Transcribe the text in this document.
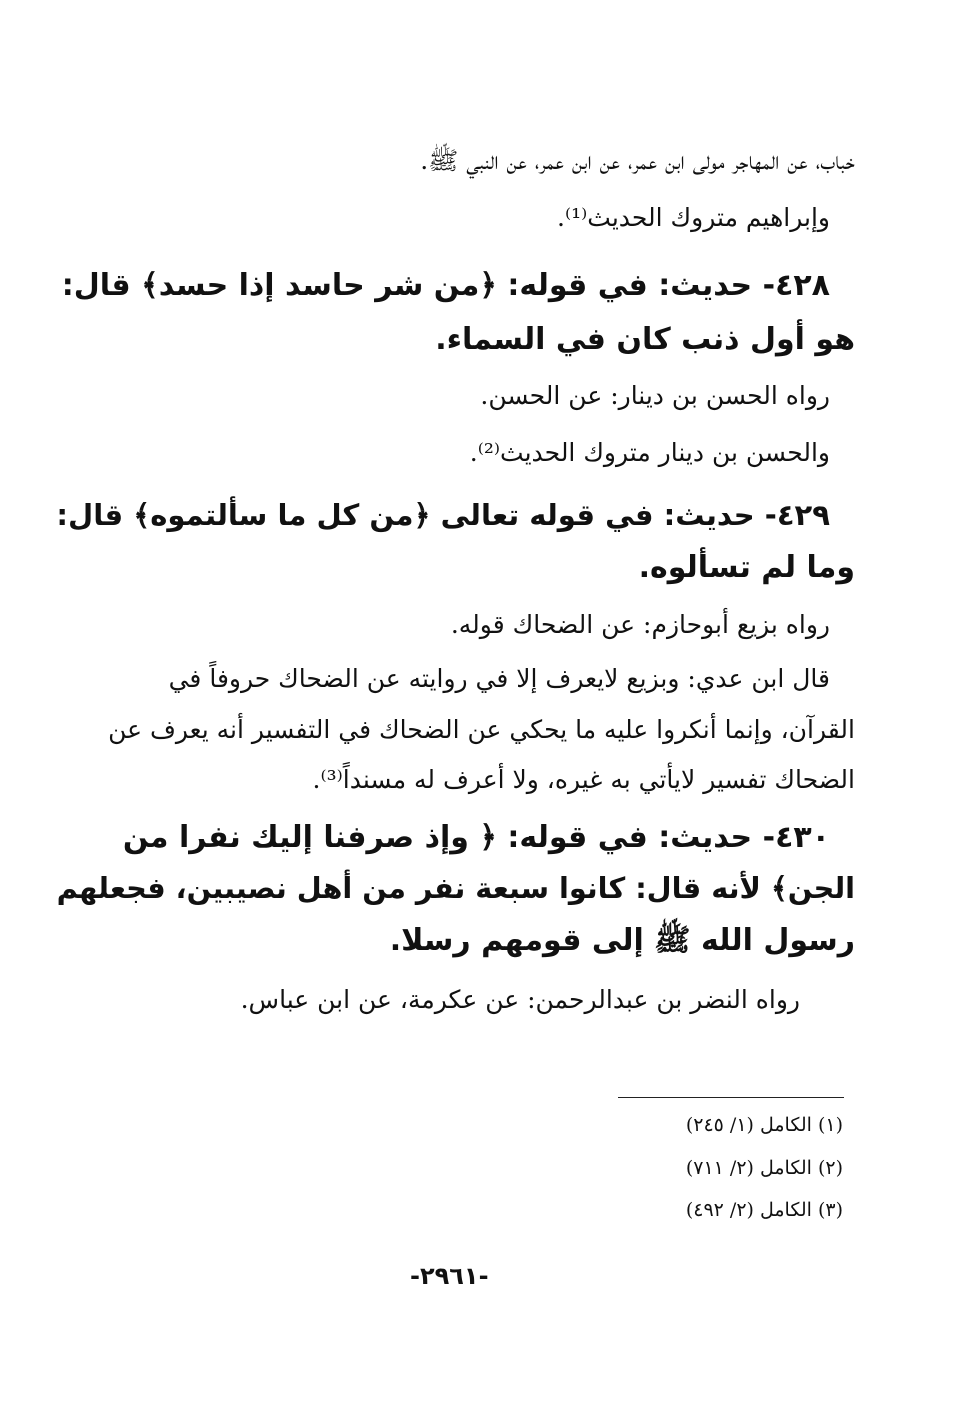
خباب، عن المهاجر مولى ابن عمر، عن ابن عمر، عن النبي ﷺ.
وإبراهيم متروك الحديث⁽¹⁾.
٤٢٨- حديث: في قوله: ﴿من شر حاسد إذا حسد﴾ قال:
هو أول ذنب كان في السماء.
رواه الحسن بن دينار: عن الحسن.
والحسن بن دينار متروك الحديث⁽²⁾.
٤٢٩- حديث: في قوله تعالى ﴿من كل ما سألتموه﴾ قال:
وما لم تسألوه.
رواه بزيع أبوحازم: عن الضحاك قوله.
قال ابن عدي: وبزيع لايعرف إلا في روايته عن الضحاك حروفاً في
القرآن، وإنما أنكروا عليه ما يحكي عن الضحاك في التفسير أنه يعرف عن
الضحاك تفسير لايأتي به غيره، ولا أعرف له مسنداً⁽³⁾.
٤٣٠- حديث: في قوله: ﴿ وإذ صرفنا إليك نفرا من
الجن﴾ لأنه قال: كانوا سبعة نفر من أهل نصيبين، فجعلهم
رسول الله ﷺ إلى قومهم رسلا.
رواه النضر بن عبدالرحمن: عن عكرمة، عن ابن عباس.
(١) الكامل (١/ ٢٤٥)
(٢) الكامل (٢/ ٧١١)
(٣) الكامل (٢/ ٤٩٢)
-٢٩٦١-
